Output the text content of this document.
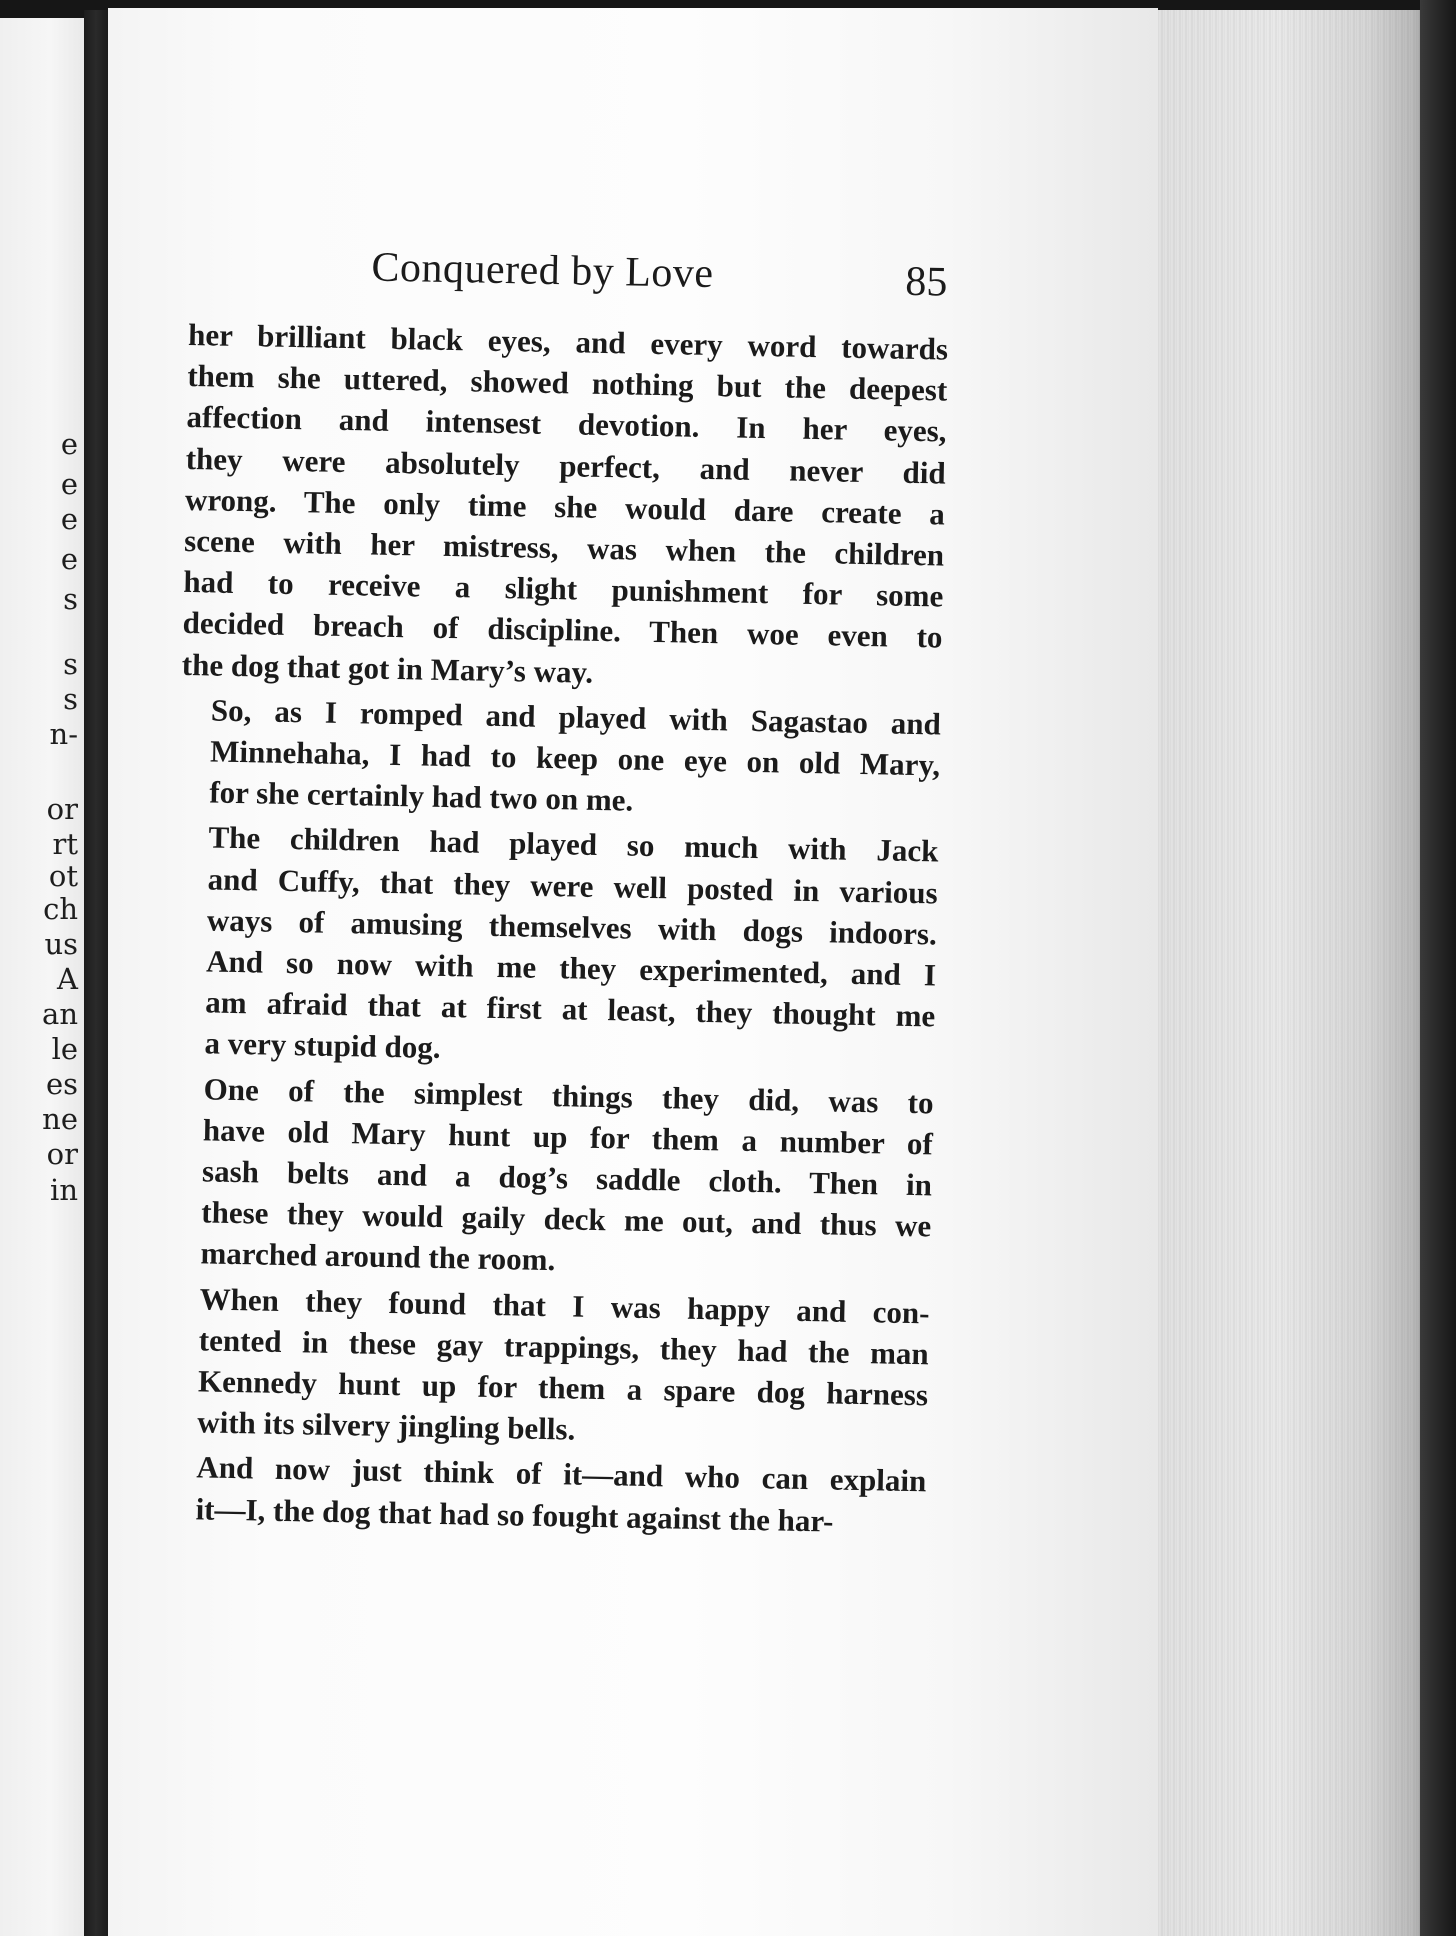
e
e
e
e
s
s
s
n-
or
rt
ot
ch
us
A
an
le
es
ne
or
in
Conquered by Love	85
her brilliant black eyes, and every word towards
them she uttered, showed nothing but the deepest
affection and intensest devotion. In her eyes,
they were absolutely perfect, and never did
wrong. The only time she would dare create a
scene with her mistress, was when the children
had to receive a slight punishment for some
decided breach of discipline. Then woe even to
the dog that got in Mary’s way.
So, as I romped and played with Sagastao and
Minnehaha, I had to keep one eye on old Mary,
for she certainly had two on me.
The children had played so much with Jack
and Cuffy, that they were well posted in various
ways of amusing themselves with dogs indoors.
And so now with me they experimented, and I
am afraid that at first at least, they thought me
a very stupid dog.
One of the simplest things they did, was to
have old Mary hunt up for them a number of
sash belts and a dog’s saddle cloth. Then in
these they would gaily deck me out, and thus we
marched around the room.
When they found that I was happy and con-
tented in these gay trappings, they had the man
Kennedy hunt up for them a spare dog harness
with its silvery jingling bells.
And now just think of it—and who can explain
it—I, the dog that had so fought against the har-
